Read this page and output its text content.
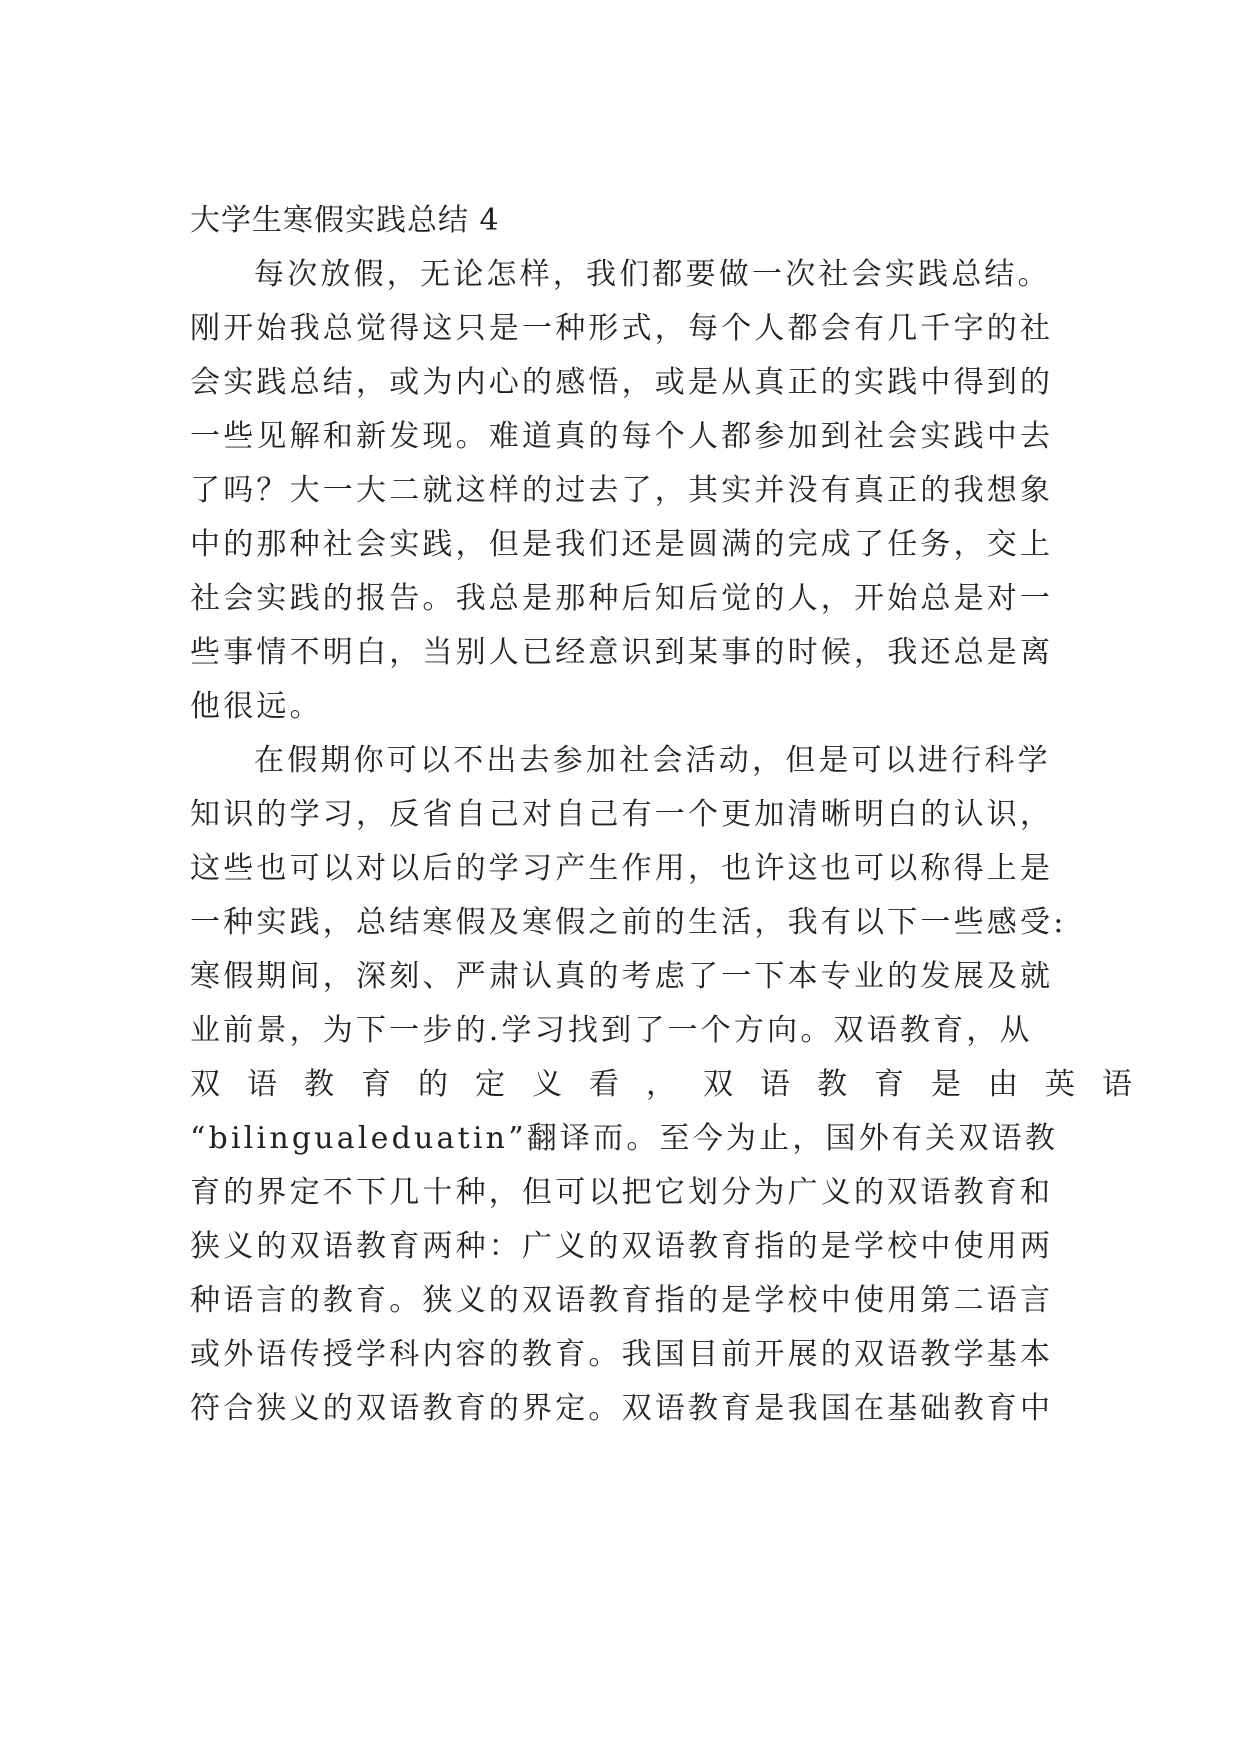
大学生寒假实践总结 4
每次放假，无论怎样，我们都要做一次社会实践总结。
刚开始我总觉得这只是一种形式，每个人都会有几千字的社
会实践总结，或为内心的感悟，或是从真正的实践中得到的
一些见解和新发现。难道真的每个人都参加到社会实践中去
了吗？大一大二就这样的过去了，其实并没有真正的我想象
中的那种社会实践，但是我们还是圆满的完成了任务，交上
社会实践的报告。我总是那种后知后觉的人，开始总是对一
些事情不明白，当别人已经意识到某事的时候，我还总是离
他很远。
在假期你可以不出去参加社会活动，但是可以进行科学
知识的学习，反省自己对自己有一个更加清晰明白的认识，
这些也可以对以后的学习产生作用，也许这也可以称得上是
一种实践，总结寒假及寒假之前的生活，我有以下一些感受:
寒假期间，深刻、严肃认真的考虑了一下本专业的发展及就
业前景，为下一步的.学习找到了一个方向。双语教育，从
双语教育的定义看，双语教育是由英语
“bilingualeduatin”翻译而。至今为止，国外有关双语教
育的界定不下几十种，但可以把它划分为广义的双语教育和
狭义的双语教育两种：广义的双语教育指的是学校中使用两
种语言的教育。狭义的双语教育指的是学校中使用第二语言
或外语传授学科内容的教育。我国目前开展的双语教学基本
符合狭义的双语教育的界定。双语教育是我国在基础教育中
